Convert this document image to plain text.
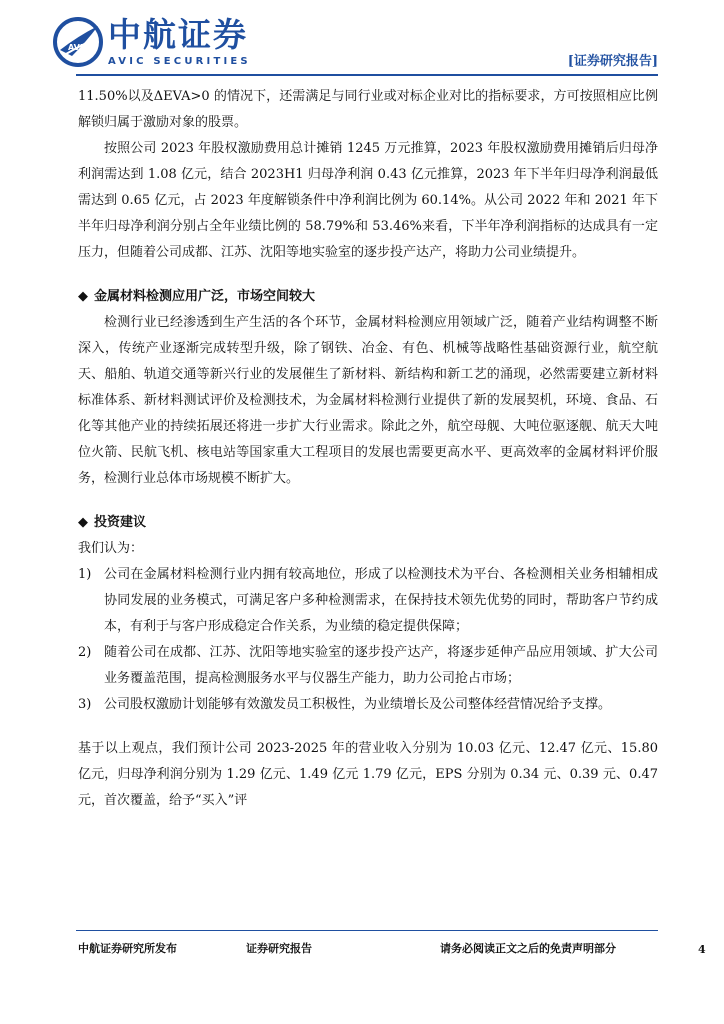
AVIC 中航证券
AVIC SECURITIES	[证券研究报告]

11.50%以及ΔEVA>0 的情况下，还需满足与同行业或对标企业对比的指标要求，方可按照相应比例解锁归属于激励对象的股票。

按照公司 2023 年股权激励费用总计摊销 1245 万元推算，2023 年股权激励费用摊销后归母净利润需达到 1.08 亿元，结合 2023H1 归母净利润 0.43 亿元推算，2023 年下半年归母净利润最低需达到 0.65 亿元，占 2023 年度解锁条件中净利润比例为 60.14%。从公司 2022 年和 2021 年下半年归母净利润分别占全年业绩比例的 58.79%和 53.46%来看，下半年净利润指标的达成具有一定压力，但随着公司成都、江苏、沈阳等地实验室的逐步投产达产，将助力公司业绩提升。

◆ 金属材料检测应用广泛，市场空间较大

检测行业已经渗透到生产生活的各个环节，金属材料检测应用领域广泛，随着产业结构调整不断深入，传统产业逐渐完成转型升级，除了钢铁、冶金、有色、机械等战略性基础资源行业，航空航天、船舶、轨道交通等新兴行业的发展催生了新材料、新结构和新工艺的涌现，必然需要建立新材料标准体系、新材料测试评价及检测技术，为金属材料检测行业提供了新的发展契机，环境、食品、石化等其他产业的持续拓展还将进一步扩大行业需求。除此之外，航空母舰、大吨位驱逐舰、航天大吨位火箭、民航飞机、核电站等国家重大工程项目的发展也需要更高水平、更高效率的金属材料评价服务，检测行业总体市场规模不断扩大。

◆ 投资建议

我们认为：

1) 公司在金属材料检测行业内拥有较高地位，形成了以检测技术为平台、各检测相关业务相辅相成协同发展的业务模式，可满足客户多种检测需求，在保持技术领先优势的同时，帮助客户节约成本，有利于与客户形成稳定合作关系，为业绩的稳定提供保障；
2) 随着公司在成都、江苏、沈阳等地实验室的逐步投产达产，将逐步延伸产品应用领域、扩大公司业务覆盖范围，提高检测服务水平与仪器生产能力，助力公司抢占市场；
3) 公司股权激励计划能够有效激发员工积极性，为业绩增长及公司整体经营情况给予支撑。

基于以上观点，我们预计公司 2023-2025 年的营业收入分别为 10.03 亿元、12.47 亿元、15.80 亿元，归母净利润分别为 1.29 亿元、1.49 亿元 1.79 亿元，EPS 分别为 0.34 元、0.39 元、0.47 元，首次覆盖，给予“买入”评

中航证券研究所发布	证券研究报告	请务必阅读正文之后的免责声明部分	4
